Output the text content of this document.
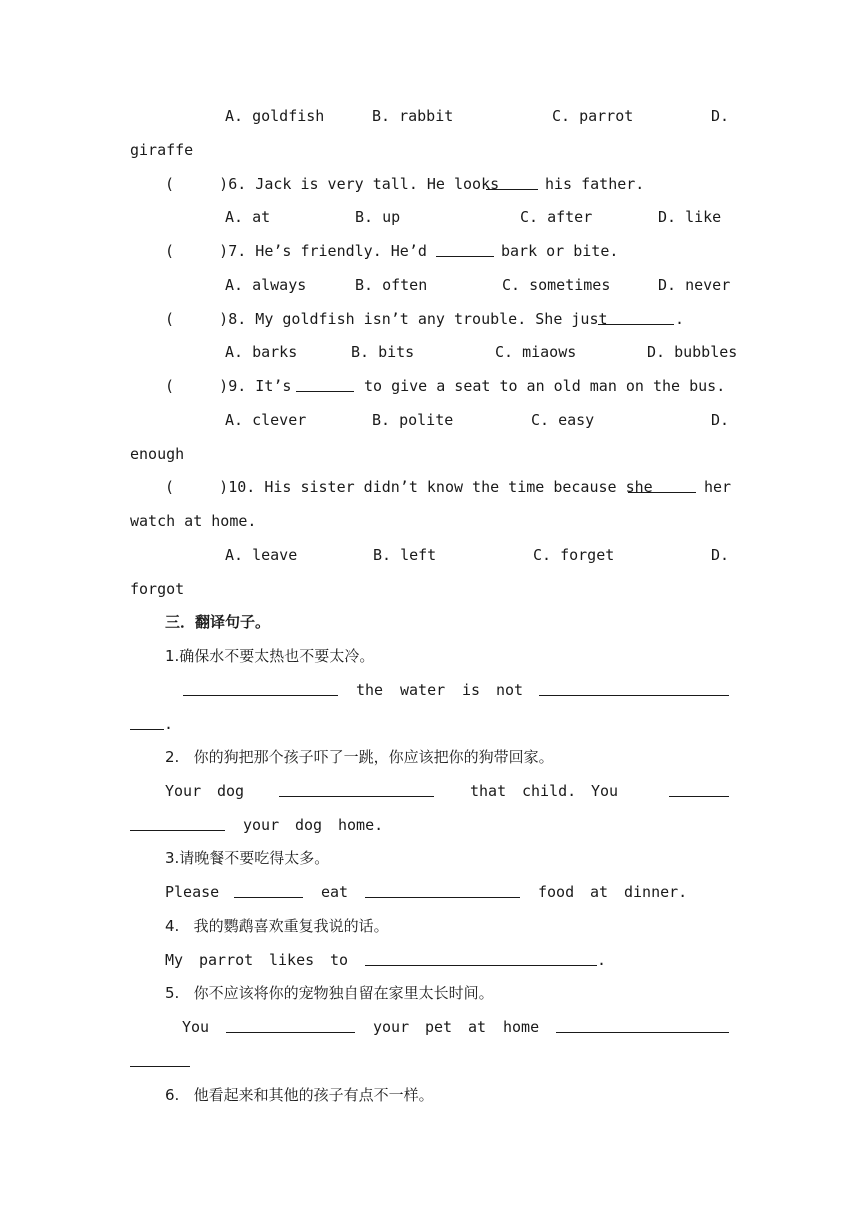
A. goldfish	B. rabbit	C. parrot	D.
giraffe
(     )6. Jack is very tall. He looks	his father.
A. at	B. up	C. after	D. like
(     )7. He’s friendly. He’d	bark or bite.
A. always	B. often	C. sometimes	D. never
(     )8. My goldfish isn’t any trouble. She just	.
A. barks	B. bits	C. miaows	D. bubbles
(     )9. It’s	to give a seat to an old man on the bus.
A. clever	B. polite	C. easy	D.
enough
(     )10. His sister didn’t know the time because she	her
watch at home.
A. leave	B. left	C. forget	D.
forgot
三．翻译句子。
1.确保水不要太热也不要太冷。
the water is not
.
2.   你的狗把那个孩子吓了一跳，你应该把你的狗带回家。
Your dog	that child. You
your dog home.
3.请晚餐不要吃得太多。
Please	eat	food at dinner.
4.   我的鹦鹉喜欢重复我说的话。
My parrot likes to	.
5.   你不应该将你的宠物独自留在家里太长时间。
You	your pet at home
6.   他看起来和其他的孩子有点不一样。
